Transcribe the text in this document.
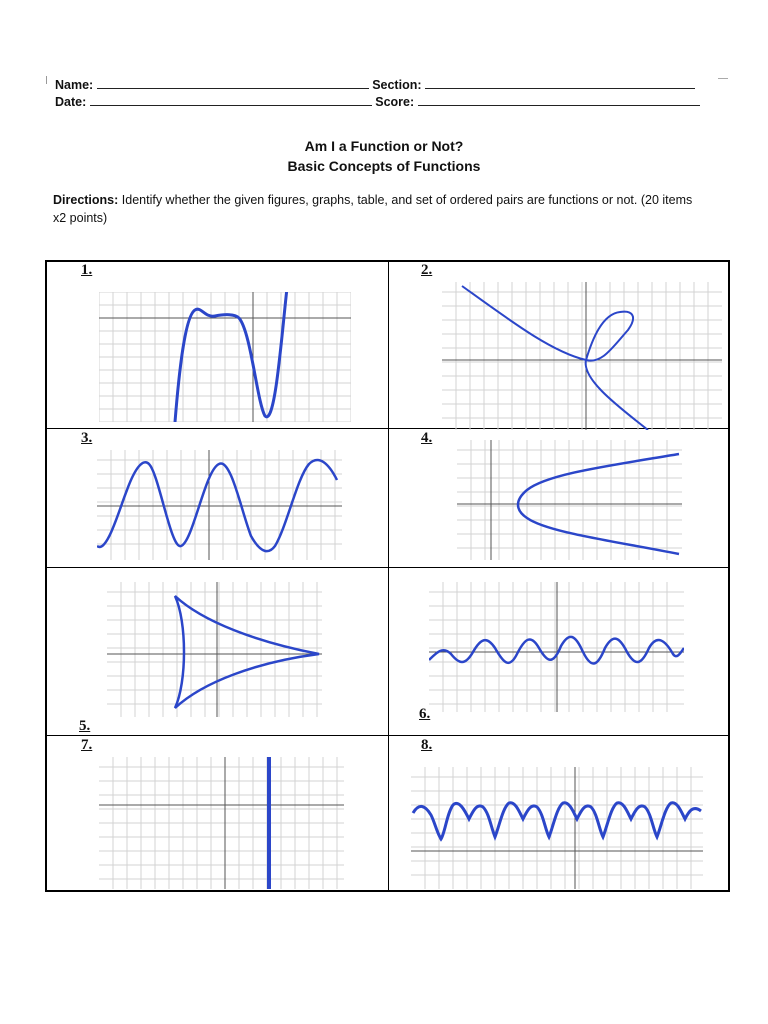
Name:	Section:
Date:	Score:
Am I a Function or Not?
Basic Concepts of Functions
Directions: Identify whether the given figures, graphs, table, and set of ordered pairs are functions or not. (20 items x2 points)
1.	2.
3.	4.
5.
6.
7.	8.
